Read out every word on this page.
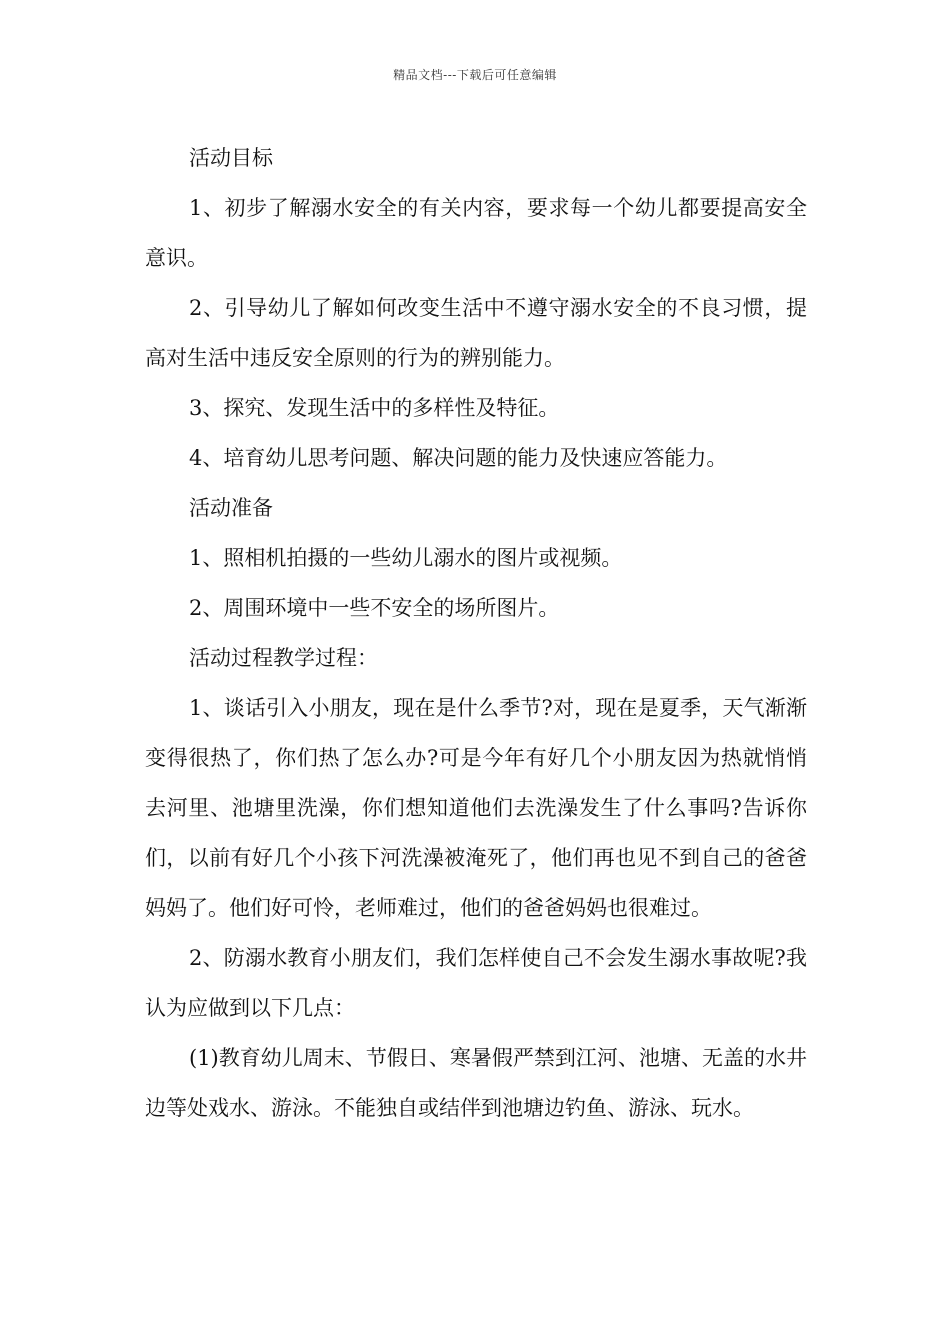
精品文档---下载后可任意编辑

活动目标

1、初步了解溺水安全的有关内容，要求每一个幼儿都要提高安全意识。

2、引导幼儿了解如何改变生活中不遵守溺水安全的不良习惯，提高对生活中违反安全原则的行为的辨别能力。

3、探究、发现生活中的多样性及特征。

4、培育幼儿思考问题、解决问题的能力及快速应答能力。

活动准备

1、照相机拍摄的一些幼儿溺水的图片或视频。

2、周围环境中一些不安全的场所图片。

活动过程教学过程：

1、谈话引入小朋友，现在是什么季节?对，现在是夏季，天气渐渐变得很热了，你们热了怎么办?可是今年有好几个小朋友因为热就悄悄去河里、池塘里洗澡，你们想知道他们去洗澡发生了什么事吗?告诉你们，以前有好几个小孩下河洗澡被淹死了，他们再也见不到自己的爸爸妈妈了。他们好可怜，老师难过，他们的爸爸妈妈也很难过。

2、防溺水教育小朋友们，我们怎样使自己不会发生溺水事故呢?我认为应做到以下几点：

(1)教育幼儿周末、节假日、寒暑假严禁到江河、池塘、无盖的水井边等处戏水、游泳。不能独自或结伴到池塘边钓鱼、游泳、玩水。
